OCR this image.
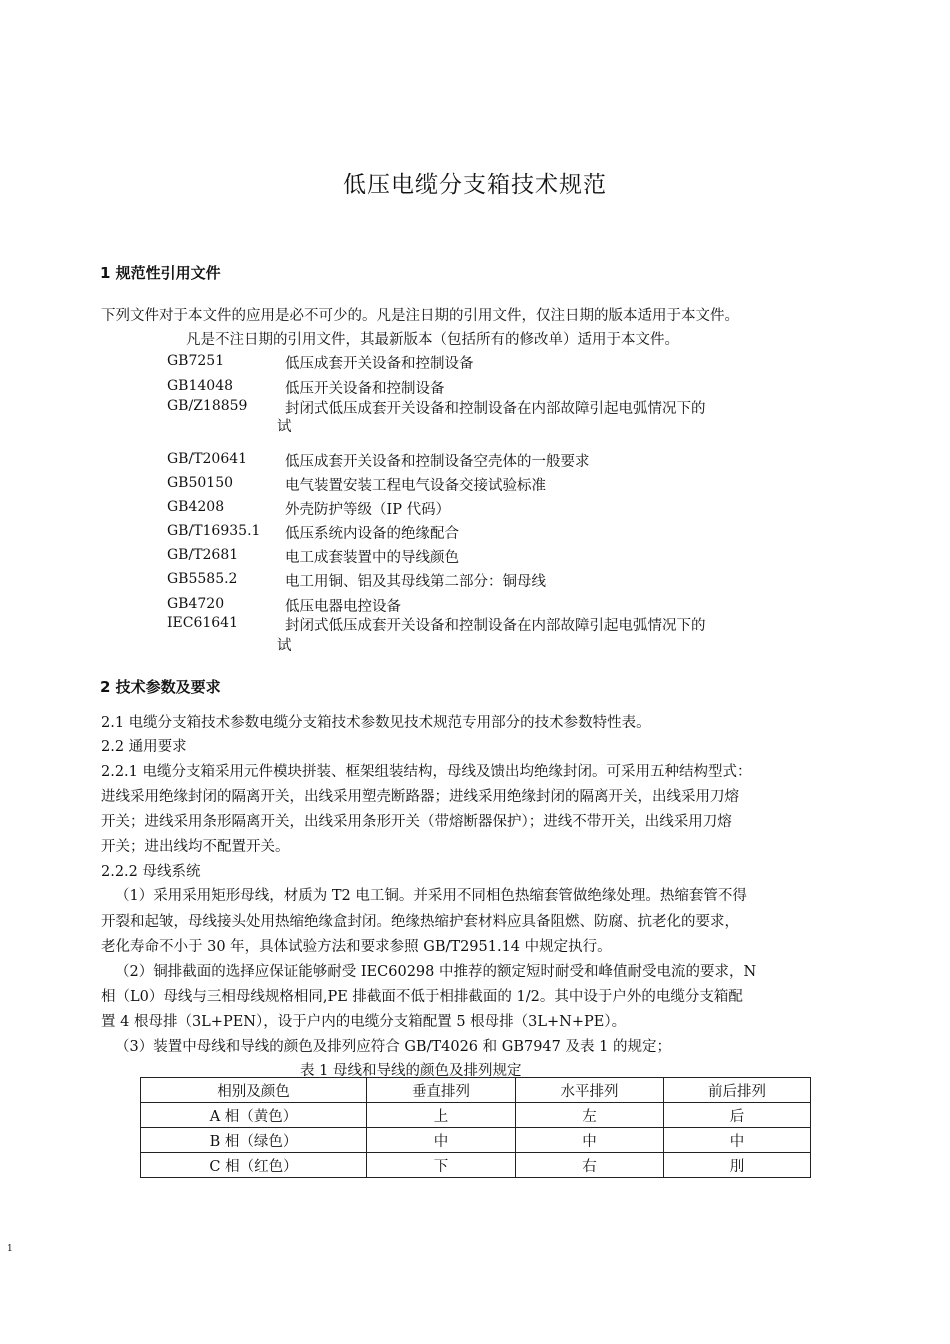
低压电缆分支箱技术规范
1 规范性引用文件
下列文件对于本文件的应用是必不可少的。凡是注日期的引用文件，仅注日期的版本适用于本文件。
凡是不注日期的引用文件，其最新版本（包括所有的修改单）适用于本文件。
GB7251	低压成套开关设备和控制设备
GB14048	低压开关设备和控制设备
GB/Z18859	封闭式低压成套开关设备和控制设备在内部故障引起电弧情况下的
试
GB/T20641	低压成套开关设备和控制设备空壳体的一般要求
GB50150	电气装置安装工程电气设备交接试验标准
GB4208	外壳防护等级（IP 代码）
GB/T16935.1 低压系统内设备的绝缘配合
GB/T2681	电工成套装置中的导线颜色
GB5585.2	电工用铜、铝及其母线第二部分：铜母线
GB4720	低压电器电控设备
IEC61641	封闭式低压成套开关设备和控制设备在内部故障引起电弧情况下的
试
2 技术参数及要求
2.1 电缆分支箱技术参数电缆分支箱技术参数见技术规范专用部分的技术参数特性表。
2.2 通用要求
2.2.1 电缆分支箱采用元件模块拼装、框架组装结构，母线及馈出均绝缘封闭。可采用五种结构型式：
进线采用绝缘封闭的隔离开关，出线采用塑壳断路器；进线采用绝缘封闭的隔离开关，出线采用刀熔
开关；进线采用条形隔离开关，出线采用条形开关（带熔断器保护）；进线不带开关，出线采用刀熔
开关；进出线均不配置开关。
2.2.2 母线系统
（1）采用采用矩形母线，材质为 T2 电工铜。并采用不同相色热缩套管做绝缘处理。热缩套管不得
开裂和起皱，母线接头处用热缩绝缘盒封闭。绝缘热缩护套材料应具备阻燃、防腐、抗老化的要求，
老化寿命不小于 30 年，具体试验方法和要求参照 GB/T2951.14 中规定执行。
（2）铜排截面的选择应保证能够耐受 IEC60298 中推荐的额定短时耐受和峰值耐受电流的要求，N
相（L0）母线与三相母线规格相同,PE 排截面不低于相排截面的 1/2。其中设于户外的电缆分支箱配
置 4 根母排（3L+PEN），设于户内的电缆分支箱配置 5 根母排（3L+N+PE）。
（3）装置中母线和导线的颜色及排列应符合 GB/T4026 和 GB7947 及表 1 的规定；
表 1 母线和导线的颜色及排列规定
相别及颜色	垂直排列	水平排列	前后排列
A 相（黄色）	上	左	后
B 相（绿色）	中	中	中
C 相（红色）	下	右	刖
1
